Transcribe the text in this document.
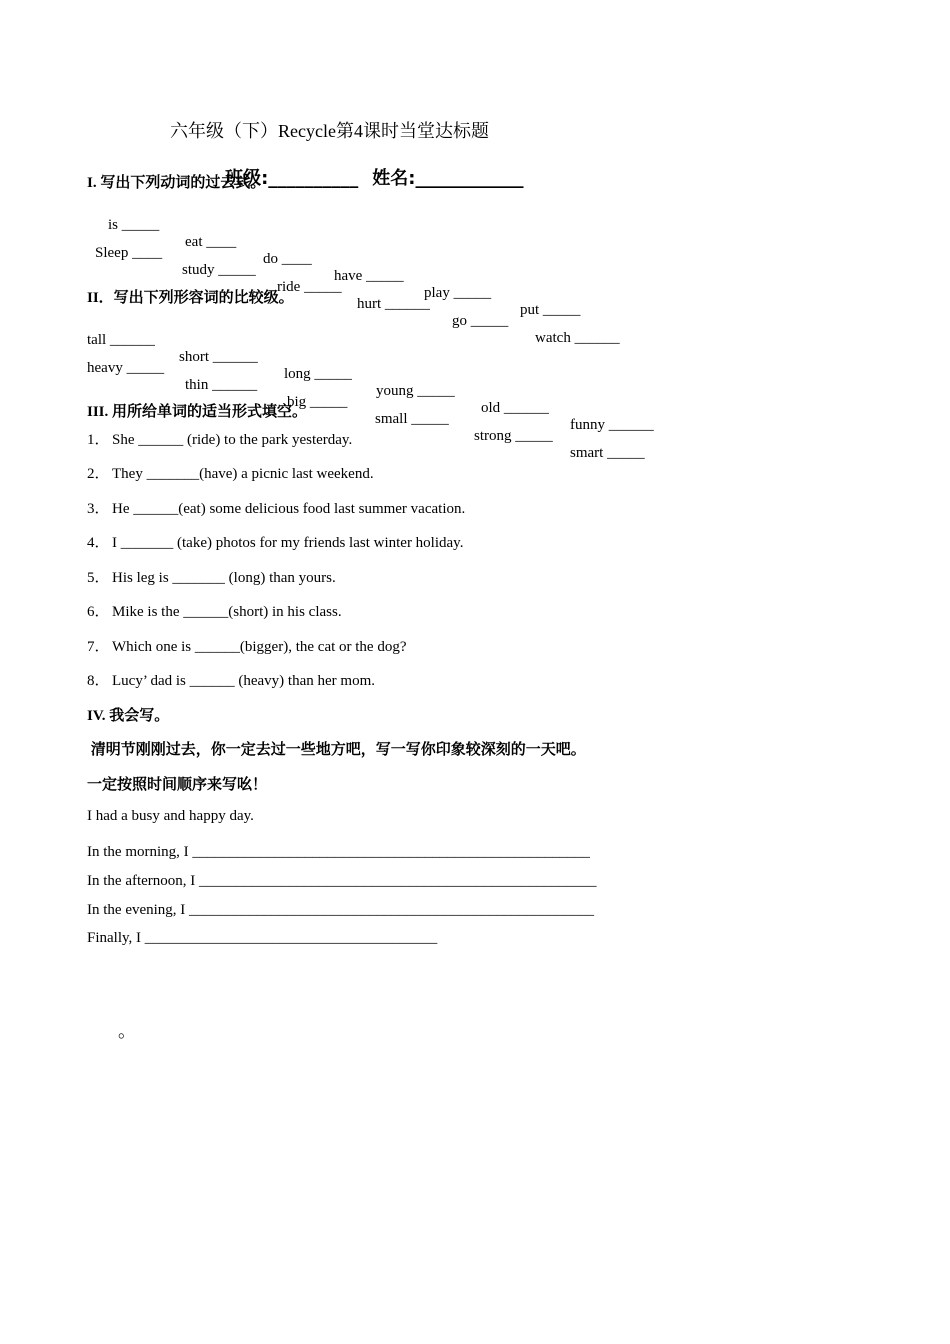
六年级（下）Recycle第4课时当堂达标题

班级:__________ 姓名:____________

I. 写出下列动词的过去式。

is _____

eat ____

do ____

have _____

play _____

put _____

Sleep ____

study _____

ride _____

hurt ______

go _____

watch ______

II．写出下列形容词的比较级。

tall ______

short ______

long _____

young _____

old ______

funny ______

heavy _____

thin ______

big _____

small _____

strong _____

smart _____

III. 用所给单词的适当形式填空。
1． She ______ (ride) to the park yesterday.
2． They _______(have) a picnic last weekend.
3． He ______(eat) some delicious food last summer vacation.
4． I _______ (take) photos for my friends last winter holiday.
5． His leg is _______ (long) than yours.
6． Mike is the ______(short) in his class.
7． Which one is ______(bigger), the cat or the dog?
8． Lucy’ dad is ______ (heavy) than her mom.
IV. 我会写。
清明节刚刚过去，你一定去过一些地方吧，写一写你印象较深刻的一天吧。
一定按照时间顺序来写吆！
I had a busy and happy day.
In the morning, I _____________________________________________________
In the afternoon, I _____________________________________________________
In the evening, I ______________________________________________________
Finally, I _______________________________________
。
